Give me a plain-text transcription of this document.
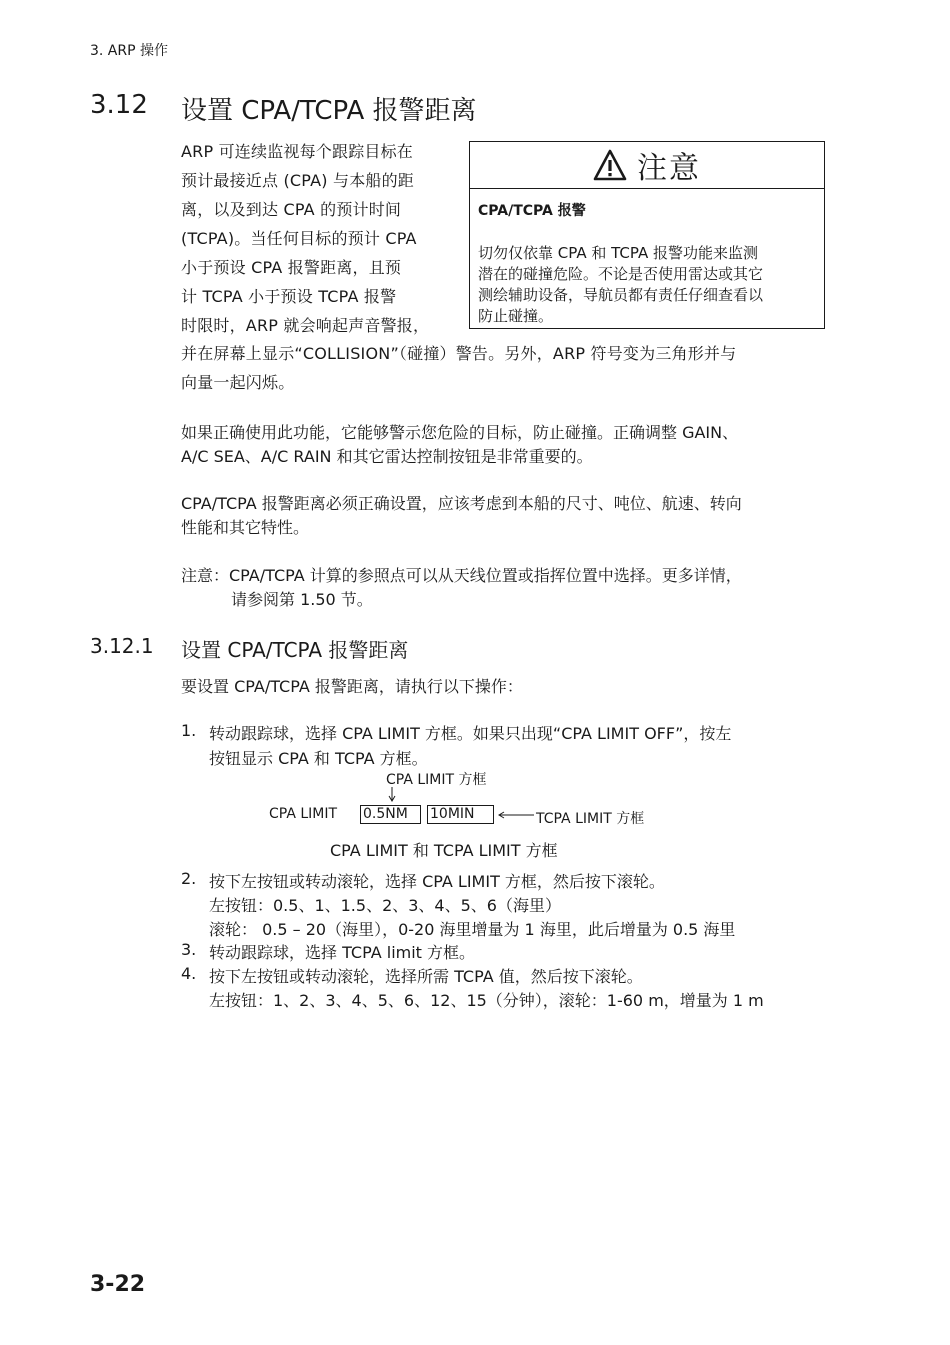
3. ARP 操作
3.12 设置 CPA/TCPA 报警距离
ARP 可连续监视每个跟踪目标在
预计最接近点 (CPA) 与本船的距
离，以及到达 CPA 的预计时间
(TCPA)。当任何目标的预计 CPA
小于预设 CPA 报警距离，且预
计 TCPA 小于预设 TCPA 报警
时限时，ARP 就会响起声音警报，
并在屏幕上显示“COLLISION”（碰撞）警告。另外，ARP 符号变为三角形并与
向量一起闪烁。
注意
CPA/TCPA 报警
切勿仅依靠 CPA 和 TCPA 报警功能来监测
潜在的碰撞危险。不论是否使用雷达或其它
测绘辅助设备，导航员都有责任仔细查看以
防止碰撞。
如果正确使用此功能，它能够警示您危险的目标，防止碰撞。正确调整 GAIN、
A/C SEA、A/C RAIN 和其它雷达控制按钮是非常重要的。
CPA/TCPA 报警距离必须正确设置，应该考虑到本船的尺寸、吨位、航速、转向
性能和其它特性。
注意：CPA/TCPA 计算的参照点可以从天线位置或指挥位置中选择。更多详情，
请参阅第 1.50 节。
3.12.1 设置 CPA/TCPA 报警距离
要设置 CPA/TCPA 报警距离，请执行以下操作：
1. 转动跟踪球，选择 CPA LIMIT 方框。如果只出现“CPA LIMIT OFF”，按左
按钮显示 CPA 和 TCPA 方框。
CPA LIMIT 方框
CPA LIMIT 0.5NM	10MIN	TCPA LIMIT 方框
CPA LIMIT 和 TCPA LIMIT 方框
2. 按下左按钮或转动滚轮，选择 CPA LIMIT 方框，然后按下滚轮。
左按钮：0.5、1、1.5、2、3、4、5、6（海里）
滚轮： 0.5 – 20（海里），0-20 海里增量为 1 海里，此后增量为 0.5 海里
3. 转动跟踪球，选择 TCPA limit 方框。
4. 按下左按钮或转动滚轮，选择所需 TCPA 值，然后按下滚轮。
左按钮：1、2、3、4、5、6、12、15（分钟），滚轮：1-60 m，增量为 1 m
3-22
